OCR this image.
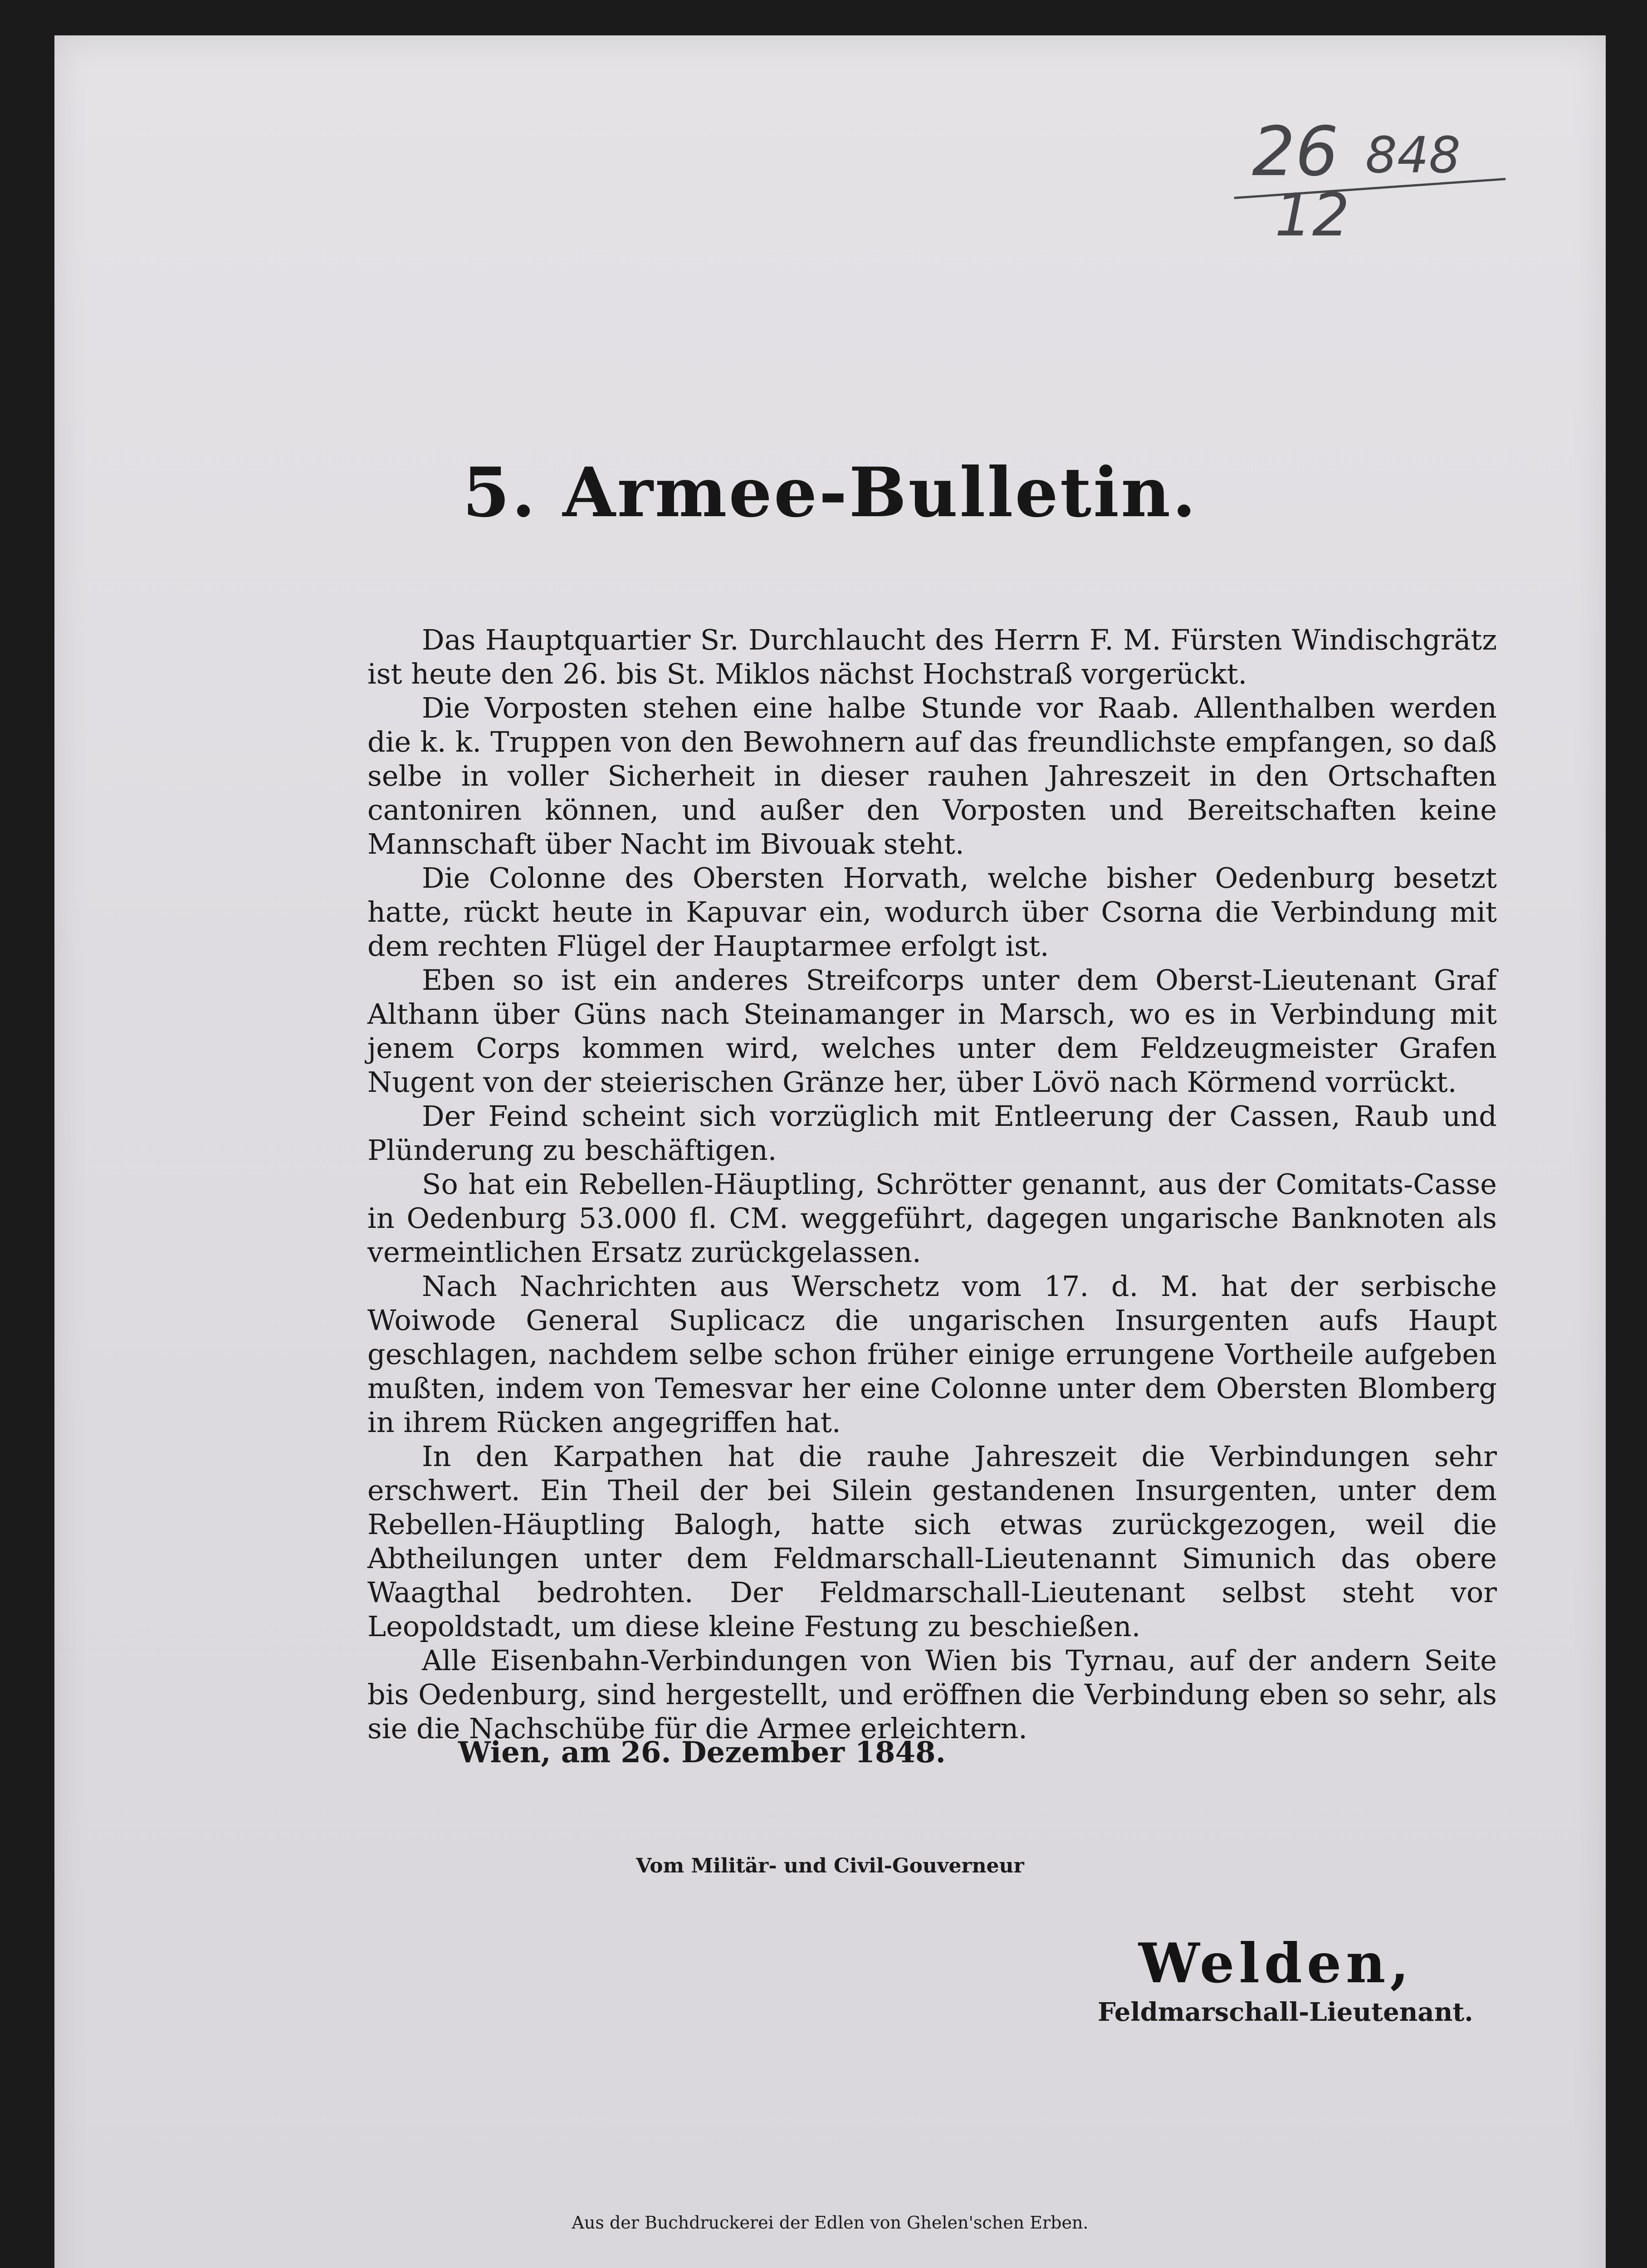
26 848
12
5. Armee-Bulletin.

Das Hauptquartier Sr. Durchlaucht des Herrn F. M. Fürsten Windischgrätz ist heute den 26. bis St. Miklos nächst Hochstraß vorgerückt.

Die Vorposten stehen eine halbe Stunde vor Raab. Allenthalben werden die k. k. Truppen von den Bewohnern auf das freundlichste empfangen, so daß selbe in voller Sicherheit in dieser rauhen Jahreszeit in den Ortschaften cantoniren können, und außer den Vorposten und Bereitschaften keine Mannschaft über Nacht im Bivouak steht.

Die Colonne des Obersten Horvath, welche bisher Oedenburg besetzt hatte, rückt heute in Kapuvar ein, wodurch über Csorna die Verbindung mit dem rechten Flügel der Hauptarmee erfolgt ist.

Eben so ist ein anderes Streifcorps unter dem Oberst-Lieutenant Graf Althann über Güns nach Steinamanger in Marsch, wo es in Verbindung mit jenem Corps kommen wird, welches unter dem Feldzeugmeister Grafen Nugent von der steierischen Gränze her, über Lövö nach Körmend vorrückt.

Der Feind scheint sich vorzüglich mit Entleerung der Cassen, Raub und Plünderung zu beschäftigen.

So hat ein Rebellen-Häuptling, Schrötter genannt, aus der Comitats-Casse in Oedenburg 53.000 fl. CM. weggeführt, dagegen ungarische Banknoten als vermeintlichen Ersatz zurückgelassen.

Nach Nachrichten aus Werschetz vom 17. d. M. hat der serbische Woiwode General Suplicacz die ungarischen Insurgenten aufs Haupt geschlagen, nachdem selbe schon früher einige errungene Vortheile aufgeben mußten, indem von Temesvar her eine Colonne unter dem Obersten Blomberg in ihrem Rücken angegriffen hat.

In den Karpathen hat die rauhe Jahreszeit die Verbindungen sehr erschwert. Ein Theil der bei Silein gestandenen Insurgenten, unter dem Rebellen-Häuptling Balogh, hatte sich etwas zurückgezogen, weil die Abtheilungen unter dem Feldmarschall-Lieutenannt Simunich das obere Waagthal bedrohten. Der Feldmarschall-Lieutenant selbst steht vor Leopoldstadt, um diese kleine Festung zu beschießen.

Alle Eisenbahn-Verbindungen von Wien bis Tyrnau, auf der andern Seite bis Oedenburg, sind hergestellt, und eröffnen die Verbindung eben so sehr, als sie die Nachschübe für die Armee erleichtern.

Wien, am 26. Dezember 1848.
Vom Militär- und Civil-Gouverneur
Welden,
Feldmarschall-Lieutenant.
Aus der Buchdruckerei der Edlen von Ghelen'schen Erben.
